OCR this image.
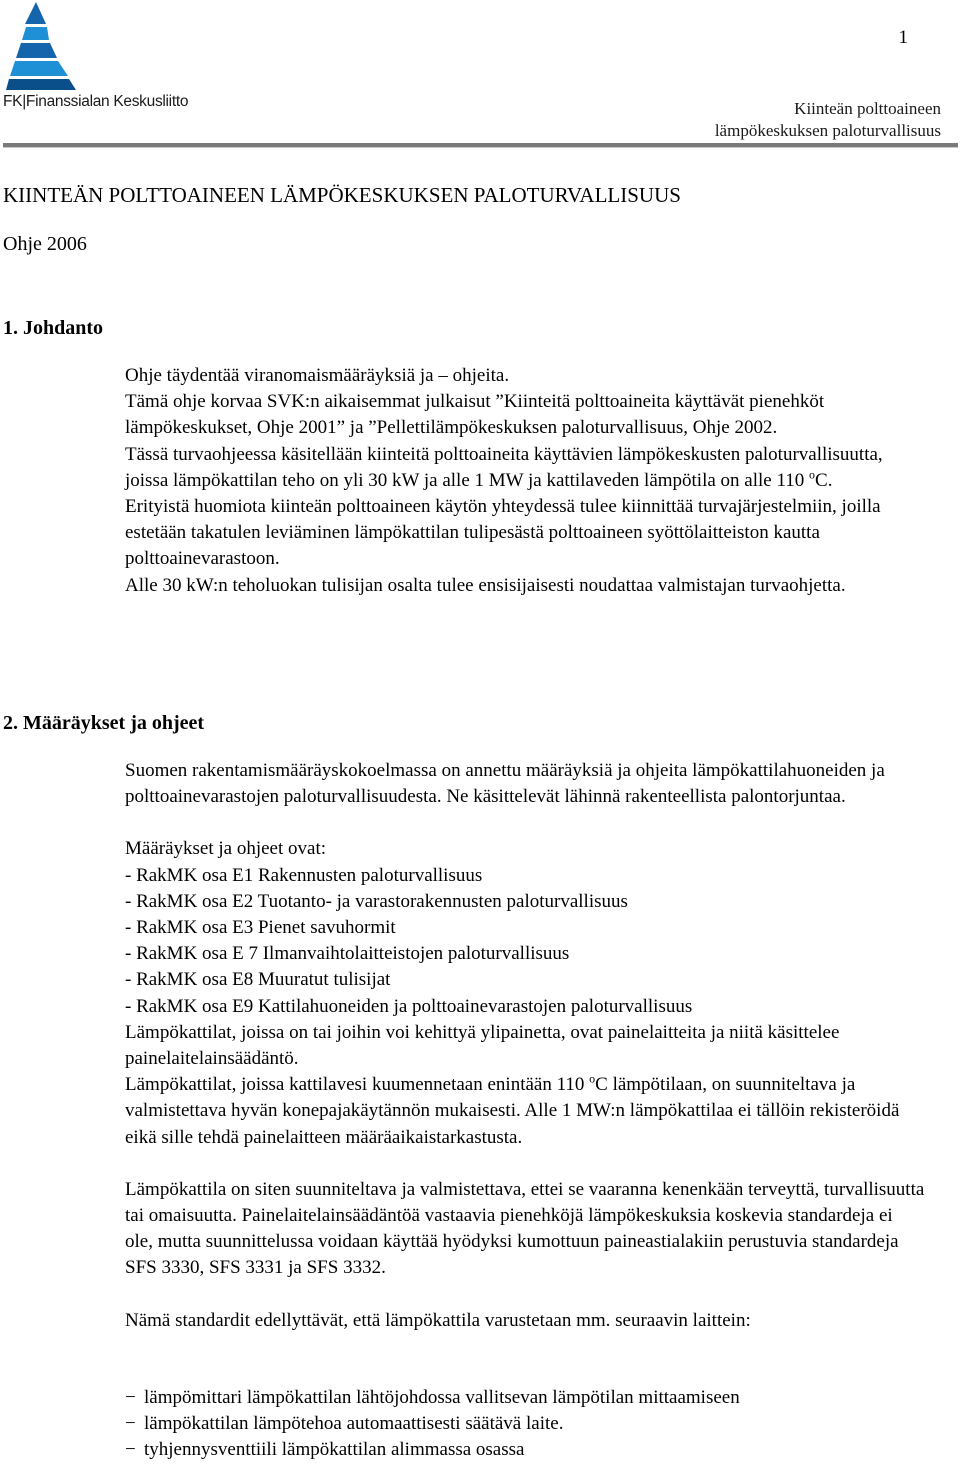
FK|Finanssialan Keskusliitto
1
Kiinteän polttoaineen
lämpökeskuksen paloturvallisuus
KIINTEÄN POLTTOAINEEN LÄMPÖKESKUKSEN PALOTURVALLISUUS
Ohje 2006
1. Johdanto

Ohje täydentää viranomaismääräyksiä ja – ohjeita.

Tämä ohje korvaa SVK:n aikaisemmat julkaisut ”Kiinteitä polttoaineita käyttävät pienehköt lämpökeskukset, Ohje 2001” ja ”Pellettilämpökeskuksen paloturvallisuus, Ohje 2002.

Tässä turvaohjeessa käsitellään kiinteitä polttoaineita käyttävien lämpökeskusten paloturvallisuutta, joissa lämpökattilan teho on yli 30 kW ja alle 1 MW ja kattilaveden lämpötila on alle 110 $^o$C.

Erityistä huomiota kiinteän polttoaineen käytön yhteydessä tulee kiinnittää turvajärjestelmiin, joilla estetään takatulen leviäminen lämpökattilan tulipesästä polttoaineen syöttölaitteiston kautta polttoainevarastoon.

Alle 30 kW:n teholuokan tulisijan osalta tulee ensisijaisesti noudattaa valmistajan turvaohjetta.

2. Määräykset ja ohjeet

Suomen rakentamismääräyskokoelmassa on annettu määräyksiä ja ohjeita lämpökattilahuoneiden ja polttoainevarastojen paloturvallisuudesta. Ne käsittelevät lähinnä rakenteellista palontorjuntaa.

Määräykset ja ohjeet ovat:

- RakMK osa E1 Rakennusten paloturvallisuus
- RakMK osa E2 Tuotanto- ja varastorakennusten paloturvallisuus
- RakMK osa E3 Pienet savuhormit
- RakMK osa E 7 Ilmanvaihtolaitteistojen paloturvallisuus
- RakMK osa E8 Muuratut tulisijat
- RakMK osa E9 Kattilahuoneiden ja polttoainevarastojen paloturvallisuus

Lämpökattilat, joissa on tai joihin voi kehittyä ylipainetta, ovat painelaitteita ja niitä käsittelee painelaitelainsäädäntö.

Lämpökattilat, joissa kattilavesi kuumennetaan enintään 110 $^o$C lämpötilaan, on suunniteltava ja valmistettava hyvän konepajakäytännön mukaisesti. Alle 1 MW:n lämpökattilaa ei tällöin rekisteröidä eikä sille tehdä painelaitteen määräaikaistarkastusta.

Lämpökattila on siten suunniteltava ja valmistettava, ettei se vaaranna kenenkään terveyttä, turvallisuutta tai omaisuutta. Painelaitelainsäädäntöä vastaavia pienehköjä lämpökeskuksia koskevia standardeja ei ole, mutta suunnittelussa voidaan käyttää hyödyksi kumottuun paineastialakiin perustuvia standardeja SFS 3330, SFS 3331 ja SFS 3332.

Nämä standardit edellyttävät, että lämpökattila varustetaan mm. seuraavin laittein:

− lämpömittari lämpökattilan lähtöjohdossa vallitsevan lämpötilan mittaamiseen
− lämpökattilan lämpötehoa automaattisesti säätävä laite.
− tyhjennysventtiili lämpökattilan alimmassa osassa
